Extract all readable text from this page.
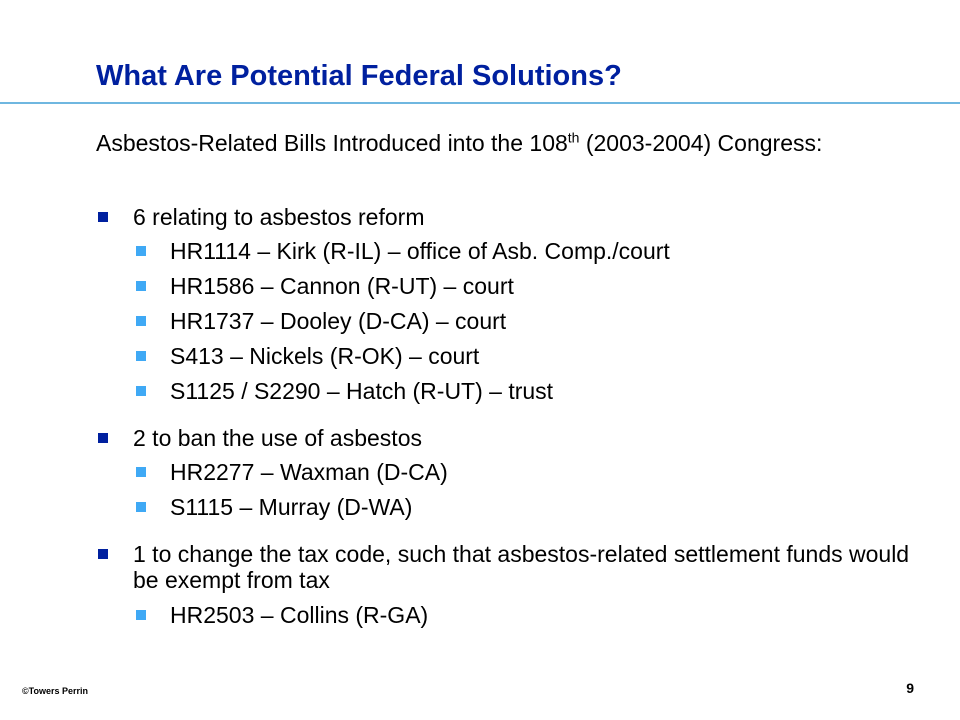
What Are Potential Federal Solutions?
Asbestos-Related Bills Introduced into the 108th (2003-2004) Congress:
6 relating to asbestos reform
HR1114 – Kirk (R-IL) – office of Asb. Comp./court
HR1586 – Cannon (R-UT) – court
HR1737 – Dooley (D-CA) – court
S413 – Nickels (R-OK) – court
S1125 / S2290 – Hatch (R-UT) – trust
2 to ban the use of asbestos
HR2277 – Waxman (D-CA)
S1115 – Murray (D-WA)
1 to change the tax code, such that asbestos-related settlement funds would be exempt from tax
HR2503 – Collins (R-GA)
©Towers Perrin	9
